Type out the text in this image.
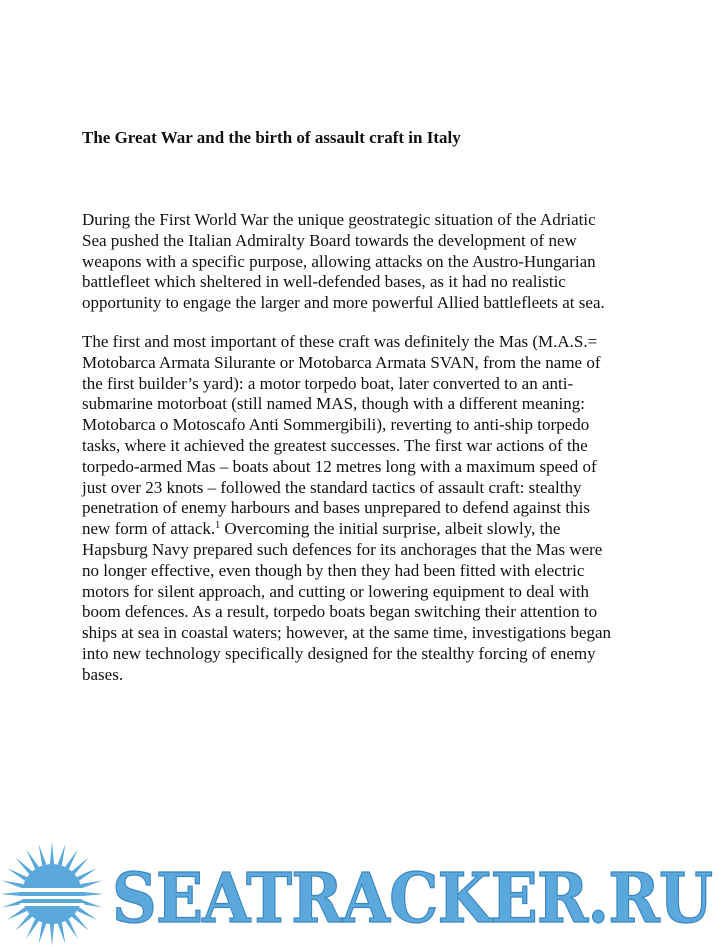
The Great War and the birth of assault craft in Italy

During the First World War the unique geostrategic situation of the Adriatic
Sea pushed the Italian Admiralty Board towards the development of new
weapons with a specific purpose, allowing attacks on the Austro-Hungarian
battlefleet which sheltered in well-defended bases, as it had no realistic
opportunity to engage the larger and more powerful Allied battlefleets at sea.

The first and most important of these craft was definitely the Mas (M.A.S.=
Motobarca Armata Silurante or Motobarca Armata SVAN, from the name of
the first builder’s yard): a motor torpedo boat, later converted to an anti-
submarine motorboat (still named MAS, though with a different meaning:
Motobarca o Motoscafo Anti Sommergibili), reverting to anti-ship torpedo
tasks, where it achieved the greatest successes. The first war actions of the
torpedo-armed Mas – boats about 12 metres long with a maximum speed of
just over 23 knots – followed the standard tactics of assault craft: stealthy
penetration of enemy harbours and bases unprepared to defend against this
new form of attack.$^1$ Overcoming the initial surprise, albeit slowly, the
Hapsburg Navy prepared such defences for its anchorages that the Mas were
no longer effective, even though by then they had been fitted with electric
motors for silent approach, and cutting or lowering equipment to deal with
boom defences. As a result, torpedo boats began switching their attention to
ships at sea in coastal waters; however, at the same time, investigations began
into new technology specifically designed for the stealthy forcing of enemy
bases.

SEATRACKER.RU
